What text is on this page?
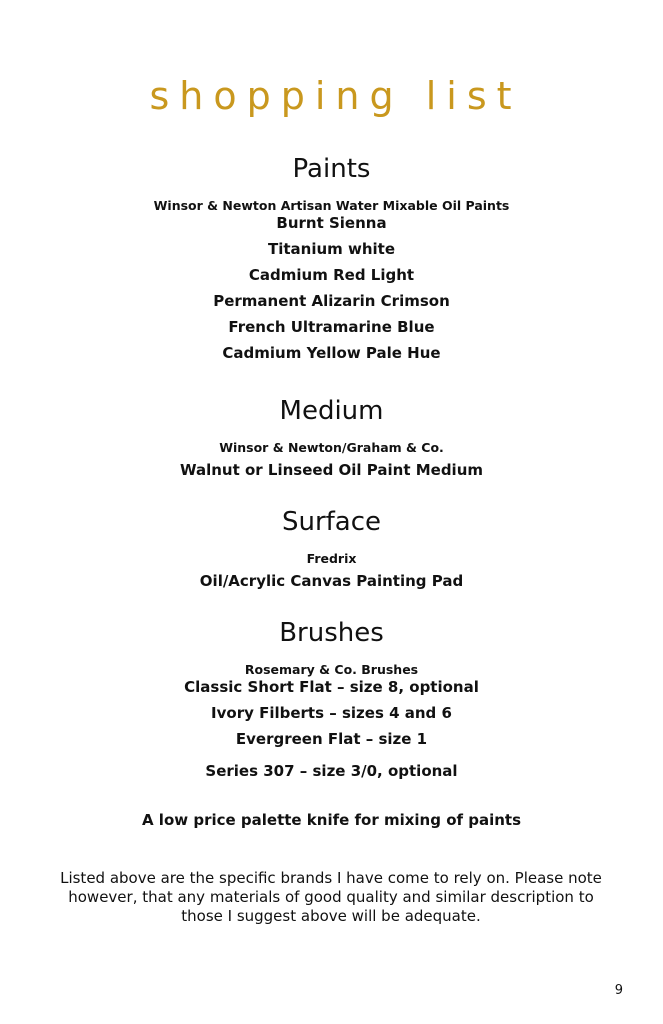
shopping list
Paints
Winsor & Newton Artisan Water Mixable Oil Paints
Burnt Sienna
Titanium white
Cadmium Red Light
Permanent Alizarin Crimson
French Ultramarine Blue
Cadmium Yellow Pale Hue
Medium
Winsor & Newton/Graham & Co.
Walnut or Linseed Oil Paint Medium
Surface
Fredrix
Oil/Acrylic Canvas Painting Pad
Brushes
Rosemary & Co. Brushes
Classic Short Flat – size 8, optional
Ivory Filberts – sizes 4 and 6
Evergreen Flat – size 1
Series 307 – size 3/0, optional
A low price palette knife for mixing of paints
Listed above are the specific brands I have come to rely on. Please note however, that any materials of good quality and similar description to those I suggest above will be adequate.
9
